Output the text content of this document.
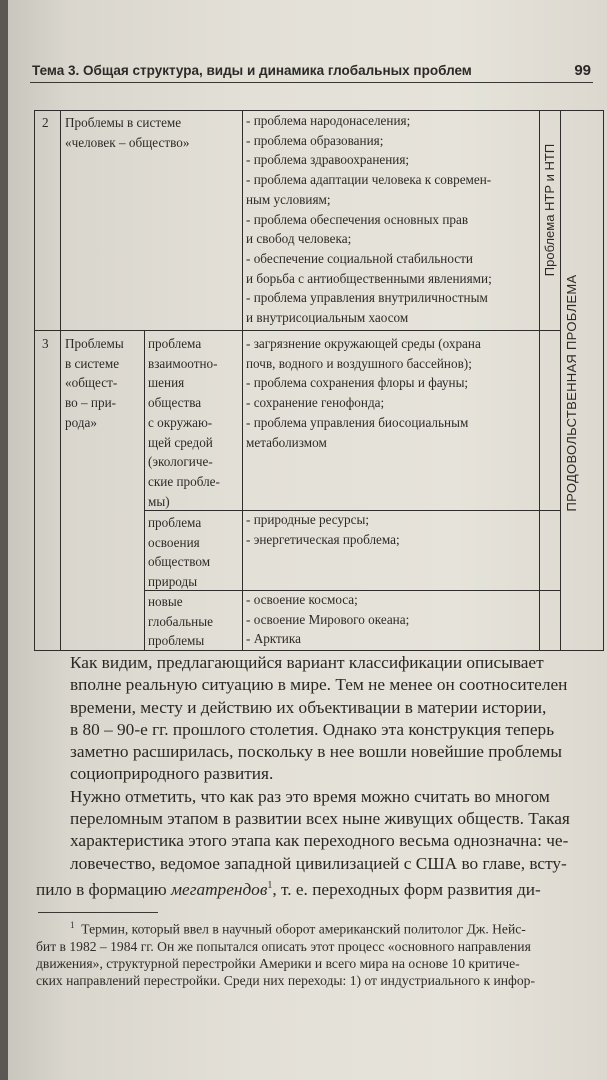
Тема 3. Общая структура, виды и динамика глобальных проблем	99
2 Проблемы в системе
«человек – общество»
- проблема народонаселения;
- проблема образования;
- проблема здравоохранения;
- проблема адаптации человека к современ-
ным условиям;
- проблема обеспечения основных прав
и свобод человека;
- обеспечение социальной стабильности
и борьба с антиобщественными явлениями;
- проблема управления внутриличностным
и внутрисоциальным хаосом
3 Проблемы
в системе
«общест-
во – при-
рода»
проблема
взаимоотно-
шения
общества
с окружаю-
щей средой
(экологиче-
ские пробле-
мы)
- загрязнение окружающей среды (охрана
почв, водного и воздушного бассейнов);
- проблема сохранения флоры и фауны;
- сохранение генофонда;
- проблема управления биосоциальным
метаболизмом
проблема
освоения
обществом
природы
- природные ресурсы;
- энергетическая проблема;
новые
глобальные
проблемы
- освоение космоса;
- освоение Мирового океана;
- Арктика
Проблема НТР и НТП
ПРОДОВОЛЬСТВЕННАЯ ПРОБЛЕМА

Как видим, предлагающийся вариант классификации описывает
вполне реальную ситуацию в мире. Тем не менее он соотносителен
времени, месту и действию их объективации в материи истории,
в 80 – 90-е гг. прошлого столетия. Однако эта конструкция теперь
заметно расширилась, поскольку в нее вошли новейшие проблемы
социоприродного развития.

Нужно отметить, что как раз это время можно считать во многом
переломным этапом в развитии всех ныне живущих обществ. Такая
характеристика этого этапа как переходного весьма однозначна: че-
ловечество, ведомое западной цивилизацией с США во главе, всту-
пило в формацию мегатрендов$^1$, т. е. переходных форм развития ди-

$^1$ Термин, который ввел в научный оборот американский политолог Дж. Нейс-
бит в 1982 – 1984 гг. Он же попытался описать этот процесс «основного направления
движения», структурной перестройки Америки и всего мира на основе 10 критиче-
ских направлений перестройки. Среди них переходы: 1) от индустриального к инфор-
